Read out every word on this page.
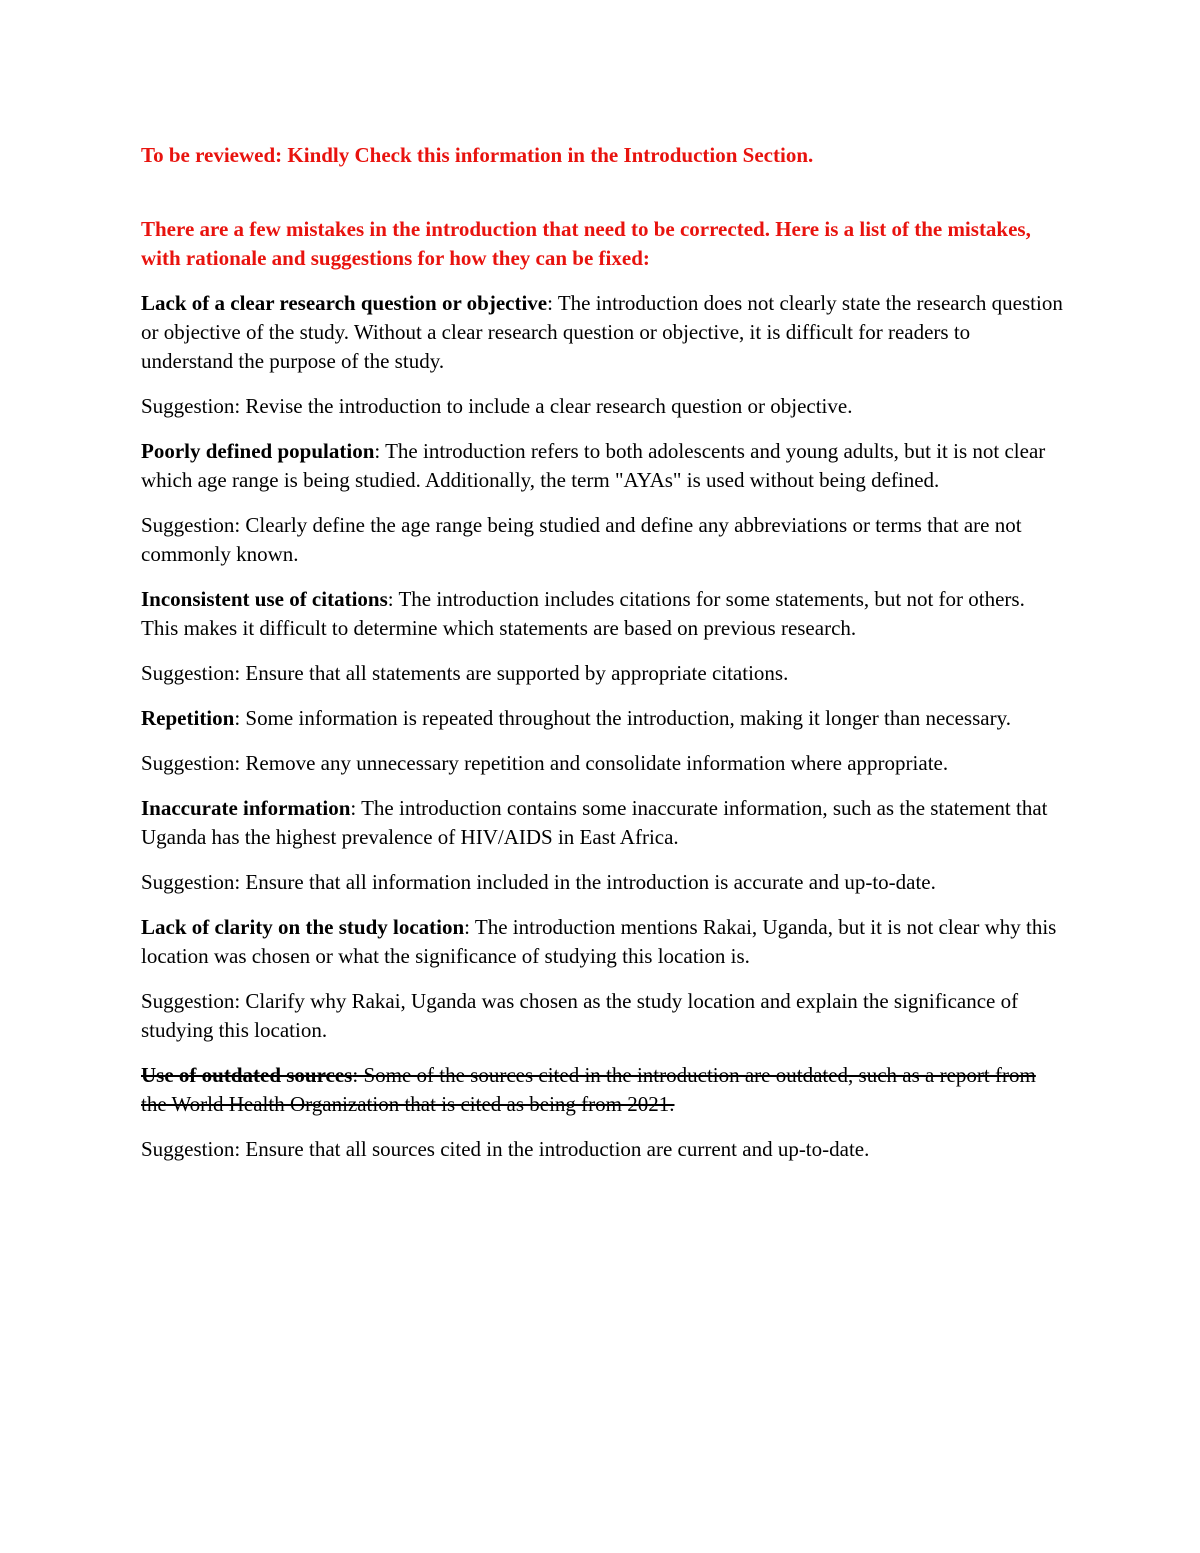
To be reviewed: Kindly Check this information in the Introduction Section.

There are a few mistakes in the introduction that need to be corrected. Here is a list of the mistakes, with rationale and suggestions for how they can be fixed:

Lack of a clear research question or objective: The introduction does not clearly state the research question or objective of the study. Without a clear research question or objective, it is difficult for readers to understand the purpose of the study.

Suggestion: Revise the introduction to include a clear research question or objective.

Poorly defined population: The introduction refers to both adolescents and young adults, but it is not clear which age range is being studied. Additionally, the term "AYAs" is used without being defined.

Suggestion: Clearly define the age range being studied and define any abbreviations or terms that are not commonly known.

Inconsistent use of citations: The introduction includes citations for some statements, but not for others. This makes it difficult to determine which statements are based on previous research.

Suggestion: Ensure that all statements are supported by appropriate citations.

Repetition: Some information is repeated throughout the introduction, making it longer than necessary.

Suggestion: Remove any unnecessary repetition and consolidate information where appropriate.

Inaccurate information: The introduction contains some inaccurate information, such as the statement that Uganda has the highest prevalence of HIV/AIDS in East Africa.

Suggestion: Ensure that all information included in the introduction is accurate and up-to-date.

Lack of clarity on the study location: The introduction mentions Rakai, Uganda, but it is not clear why this location was chosen or what the significance of studying this location is.

Suggestion: Clarify why Rakai, Uganda was chosen as the study location and explain the significance of studying this location.

Use of outdated sources: Some of the sources cited in the introduction are outdated, such as a report from the World Health Organization that is cited as being from 2021.

Suggestion: Ensure that all sources cited in the introduction are current and up-to-date.
